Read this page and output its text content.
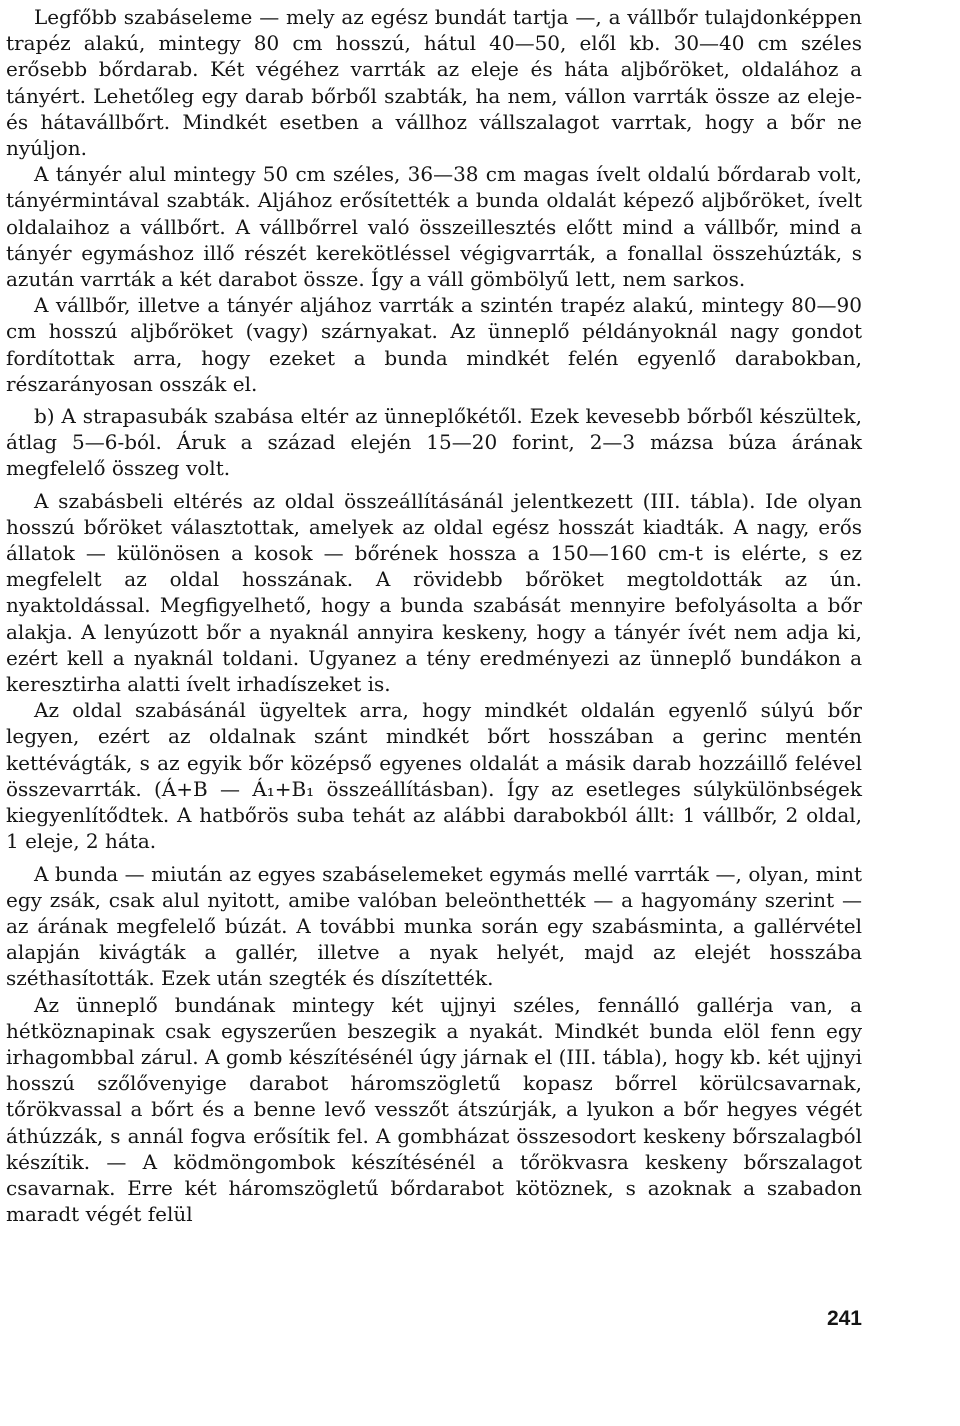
Legfőbb szabáseleme — mely az egész bundát tartja —, a vállbőr tulajdonképpen trapéz alakú, mintegy 80 cm hosszú, hátul 40—50, elől kb. 30—40 cm széles erősebb bőrdarab. Két végéhez varrták az eleje és háta aljbőröket, oldalához a tányért. Lehetőleg egy darab bőrből szabták, ha nem, vállon varrták össze az eleje- és hátavállbőrt. Mindkét esetben a vállhoz vállszalagot varrtak, hogy a bőr ne nyúljon.

A tányér alul mintegy 50 cm széles, 36—38 cm magas ívelt oldalú bőrdarab volt, tányérmintával szabták. Aljához erősítették a bunda oldalát képező aljbőröket, ívelt oldalaihoz a vállbőrt. A vállbőrrel való összeillesztés előtt mind a vállbőr, mind a tányér egymáshoz illő részét kerekötléssel végigvarrták, a fonallal összehúzták, s azután varrták a két darabot össze. Így a váll gömbölyű lett, nem sarkos.

A vállbőr, illetve a tányér aljához varrták a szintén trapéz alakú, mintegy 80—90 cm hosszú aljbőröket (vagy) szárnyakat. Az ünneplő példányoknál nagy gondot fordítottak arra, hogy ezeket a bunda mindkét felén egyenlő darabokban, részarányosan osszák el.

b) A strapasubák szabása eltér az ünneplőkétől. Ezek kevesebb bőrből készültek, átlag 5—6-ból. Áruk a század elején 15—20 forint, 2—3 mázsa búza árának megfelelő összeg volt.

A szabásbeli eltérés az oldal összeállításánál jelentkezett (III. tábla). Ide olyan hosszú bőröket választottak, amelyek az oldal egész hosszát kiadták. A nagy, erős állatok — különösen a kosok — bőrének hossza a 150—160 cm-t is elérte, s ez megfelelt az oldal hosszának. A rövidebb bőröket megtoldották az ún. nyaktoldással. Megfigyelhető, hogy a bunda szabását mennyire befolyásolta a bőr alakja. A lenyúzott bőr a nyaknál annyira keskeny, hogy a tányér ívét nem adja ki, ezért kell a nyaknál toldani. Ugyanez a tény eredményezi az ünneplő bundákon a keresztirha alatti ívelt irhadíszeket is.

Az oldal szabásánál ügyeltek arra, hogy mindkét oldalán egyenlő súlyú bőr legyen, ezért az oldalnak szánt mindkét bőrt hosszában a gerinc mentén kettévágták, s az egyik bőr középső egyenes oldalát a másik darab hozzáillő felével összevarrták. (Á+B — Á₁+B₁ összeállításban). Így az esetleges súlykülönbségek kiegyenlítődtek. A hatbőrös suba tehát az alábbi darabokból állt: 1 vállbőr, 2 oldal, 1 eleje, 2 háta.

A bunda — miután az egyes szabáselemeket egymás mellé varrták —, olyan, mint egy zsák, csak alul nyitott, amibe valóban beleönthették — a hagyomány szerint — az árának megfelelő búzát. A további munka során egy szabásminta, a gallérvétel alapján kivágták a gallér, illetve a nyak helyét, majd az elejét hosszába széthasították. Ezek után szegték és díszítették.

Az ünneplő bundának mintegy két ujjnyi széles, fennálló gallérja van, a hétköznapinak csak egyszerűen beszegik a nyakát. Mindkét bunda elöl fenn egy irhagombbal zárul. A gomb készítésénél úgy járnak el (III. tábla), hogy kb. két ujjnyi hosszú szőlővenyige darabot háromszögletű kopasz bőrrel körülcsavarnak, tőrökvassal a bőrt és a benne levő vesszőt átszúrják, a lyukon a bőr hegyes végét áthúzzák, s annál fogva erősítik fel. A gombházat összesodort keskeny bőrszalagból készítik. — A ködmöngombok készítésénél a tőrökvasra keskeny bőrszalagot csavarnak. Erre két háromszögletű bőrdarabot kötöznek, s azoknak a szabadon maradt végét felül

241
